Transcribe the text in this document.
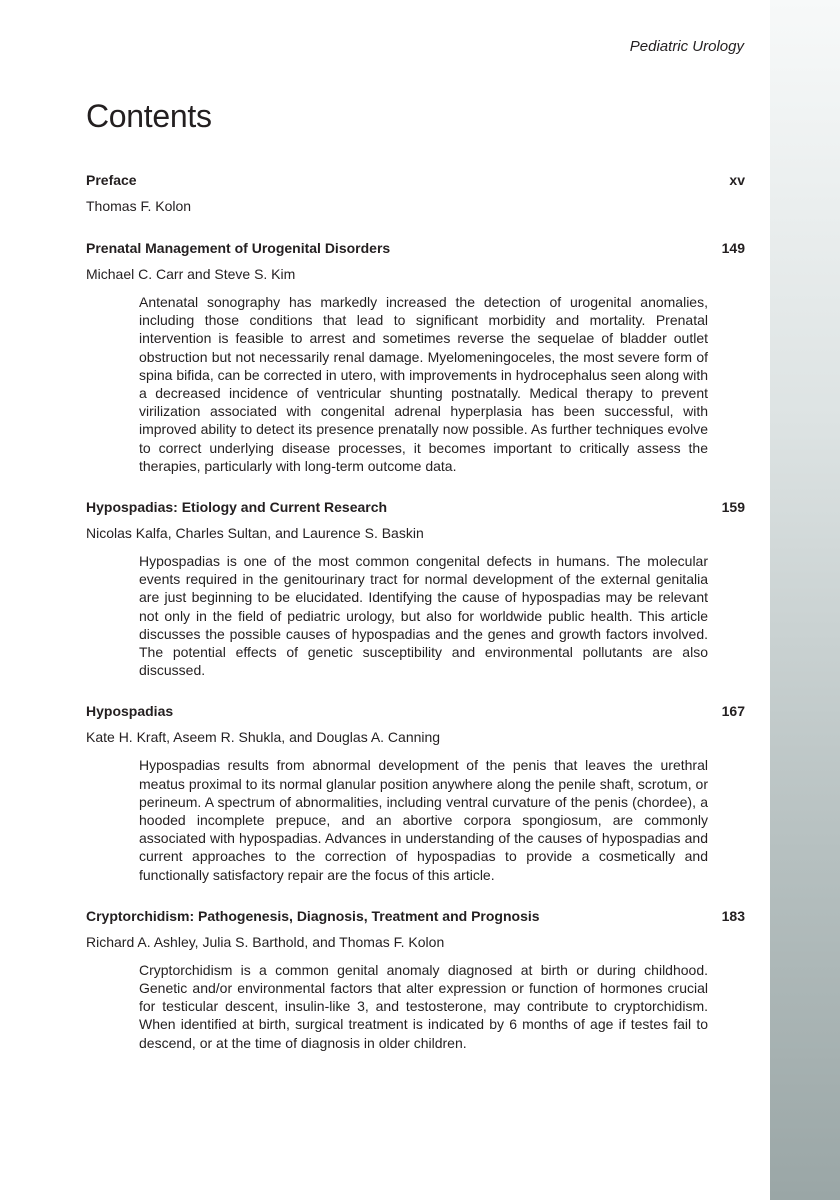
Pediatric Urology
Contents
Preface	xv
Thomas F. Kolon
Prenatal Management of Urogenital Disorders	149
Michael C. Carr and Steve S. Kim
Antenatal sonography has markedly increased the detection of urogenital anomalies, including those conditions that lead to significant morbidity and mortality. Prenatal intervention is feasible to arrest and sometimes reverse the sequelae of bladder outlet obstruction but not necessarily renal damage. Myelomeningoceles, the most severe form of spina bifida, can be corrected in utero, with improvements in hydrocephalus seen along with a decreased incidence of ventricular shunting postnatally. Medical therapy to prevent virilization associated with congenital adrenal hyperplasia has been successful, with improved ability to detect its presence prenatally now possible. As further techniques evolve to correct underlying disease processes, it becomes important to critically assess the therapies, particularly with long-term outcome data.
Hypospadias: Etiology and Current Research	159
Nicolas Kalfa, Charles Sultan, and Laurence S. Baskin
Hypospadias is one of the most common congenital defects in humans. The molecular events required in the genitourinary tract for normal development of the external genitalia are just beginning to be elucidated. Identifying the cause of hypospadias may be relevant not only in the field of pediatric urology, but also for worldwide public health. This article discusses the possible causes of hypospadias and the genes and growth factors involved. The potential effects of genetic susceptibility and environmental pollutants are also discussed.
Hypospadias	167
Kate H. Kraft, Aseem R. Shukla, and Douglas A. Canning
Hypospadias results from abnormal development of the penis that leaves the urethral meatus proximal to its normal glanular position anywhere along the penile shaft, scrotum, or perineum. A spectrum of abnormalities, including ventral curvature of the penis (chordee), a hooded incomplete prepuce, and an abortive corpora spongiosum, are commonly associated with hypospadias. Advances in understanding of the causes of hypospadias and current approaches to the correction of hypospadias to provide a cosmetically and functionally satisfactory repair are the focus of this article.
Cryptorchidism: Pathogenesis, Diagnosis, Treatment and Prognosis	183
Richard A. Ashley, Julia S. Barthold, and Thomas F. Kolon
Cryptorchidism is a common genital anomaly diagnosed at birth or during childhood. Genetic and/or environmental factors that alter expression or function of hormones crucial for testicular descent, insulin-like 3, and testosterone, may contribute to cryptorchidism. When identified at birth, surgical treatment is indicated by 6 months of age if testes fail to descend, or at the time of diagnosis in older children.
